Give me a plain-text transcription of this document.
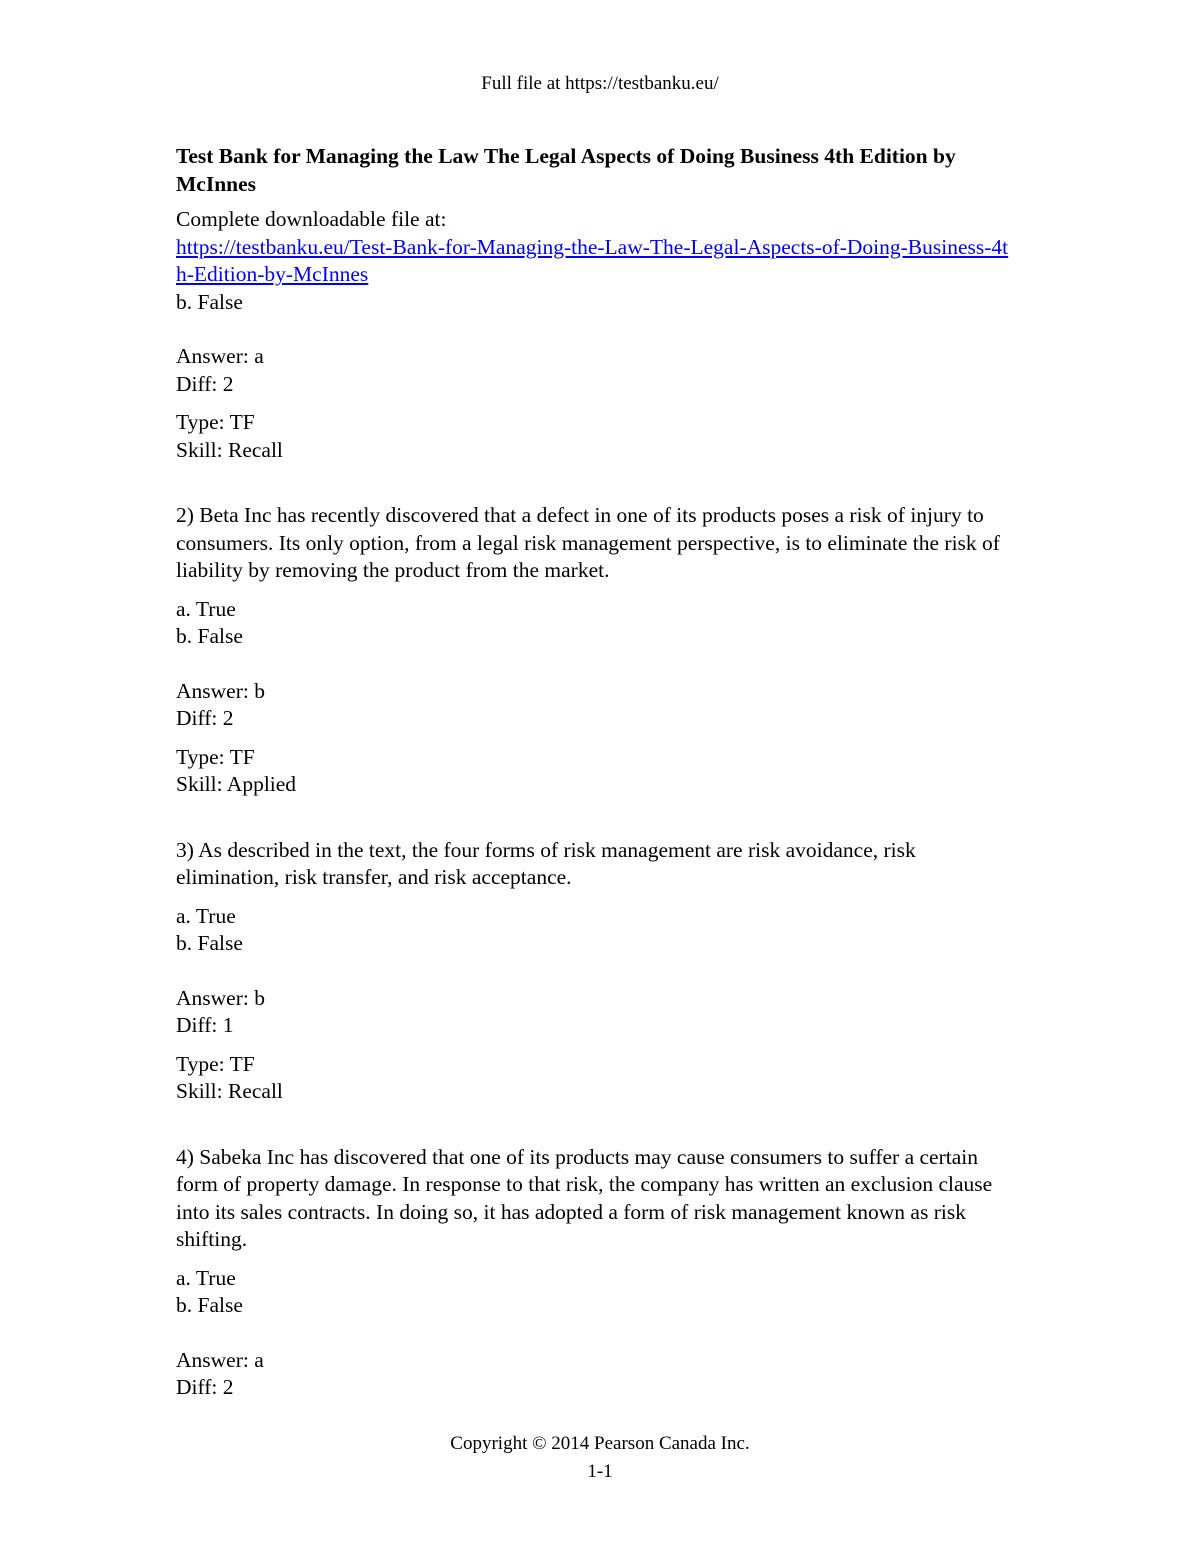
Full file at https://testbanku.eu/
Test Bank for Managing the Law The Legal Aspects of Doing Business 4th Edition by McInnes

Complete downloadable file at:

https://testbanku.eu/Test-Bank-for-Managing-the-Law-The-Legal-Aspects-of-Doing-Business-4th-Edition-by-McInnes

b. False

Answer: a

Diff: 2

Type: TF

Skill: Recall

2) Beta Inc has recently discovered that a defect in one of its products poses a risk of injury to consumers. Its only option, from a legal risk management perspective, is to eliminate the risk of liability by removing the product from the market.

a. True

b. False

Answer: b

Diff: 2

Type: TF

Skill: Applied

3) As described in the text, the four forms of risk management are risk avoidance, risk elimination, risk transfer, and risk acceptance.

a. True

b. False

Answer: b

Diff: 1

Type: TF

Skill: Recall

4) Sabeka Inc has discovered that one of its products may cause consumers to suffer a certain form of property damage. In response to that risk, the company has written an exclusion clause into its sales contracts. In doing so, it has adopted a form of risk management known as risk shifting.

a. True

b. False

Answer: a

Diff: 2

Copyright © 2014 Pearson Canada Inc.
1-1
